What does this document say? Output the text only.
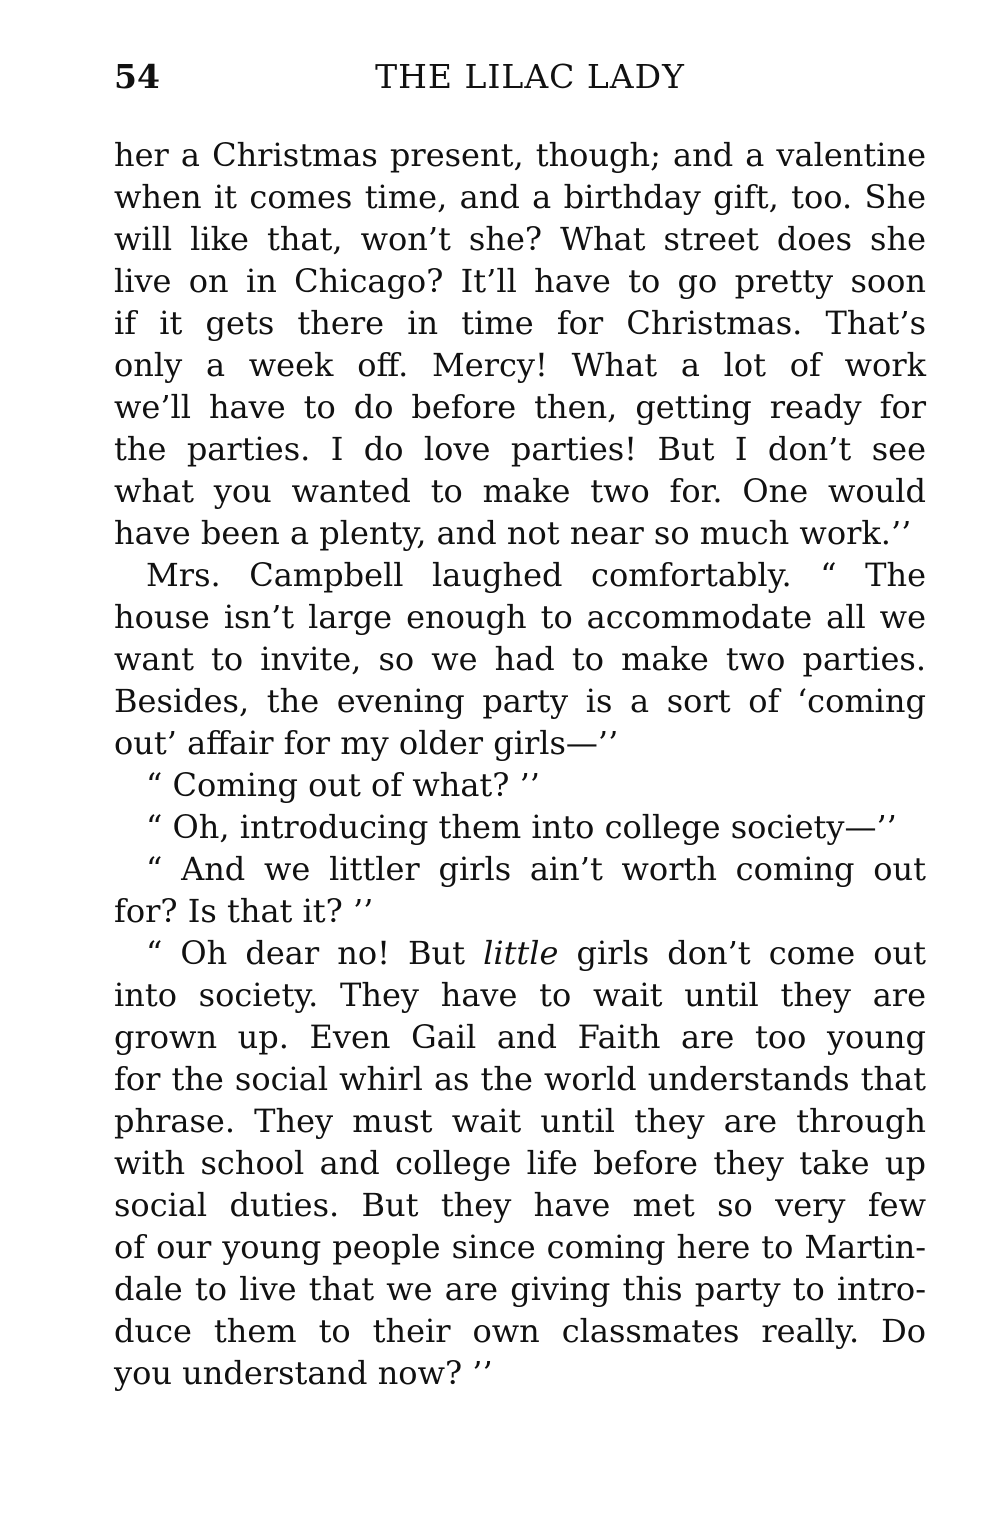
54	THE LILAC LADY
her a Christmas present, though; and a valentine
when it comes time, and a birthday gift, too. She
will like that, won’t she? What street does she
live on in Chicago? It’ll have to go pretty soon
if it gets there in time for Christmas. That’s
only a week off. Mercy! What a lot of work
we’ll have to do before then, getting ready for
the parties. I do love parties! But I don’t see
what you wanted to make two for. One would
have been a plenty, and not near so much work.’’
Mrs. Campbell laughed comfortably. “ The
house isn’t large enough to accommodate all we
want to invite, so we had to make two parties.
Besides, the evening party is a sort of ‘coming
out’ affair for my older girls—’’
“ Coming out of what? ’’
“ Oh, introducing them into college society—’’
“ And we littler girls ain’t worth coming out
for? Is that it? ’’
“ Oh dear no! But little girls don’t come out
into society. They have to wait until they are
grown up. Even Gail and Faith are too young
for the social whirl as the world understands that
phrase. They must wait until they are through
with school and college life before they take up
social duties. But they have met so very few
of our young people since coming here to Martin-
dale to live that we are giving this party to intro-
duce them to their own classmates really. Do
you understand now? ’’
